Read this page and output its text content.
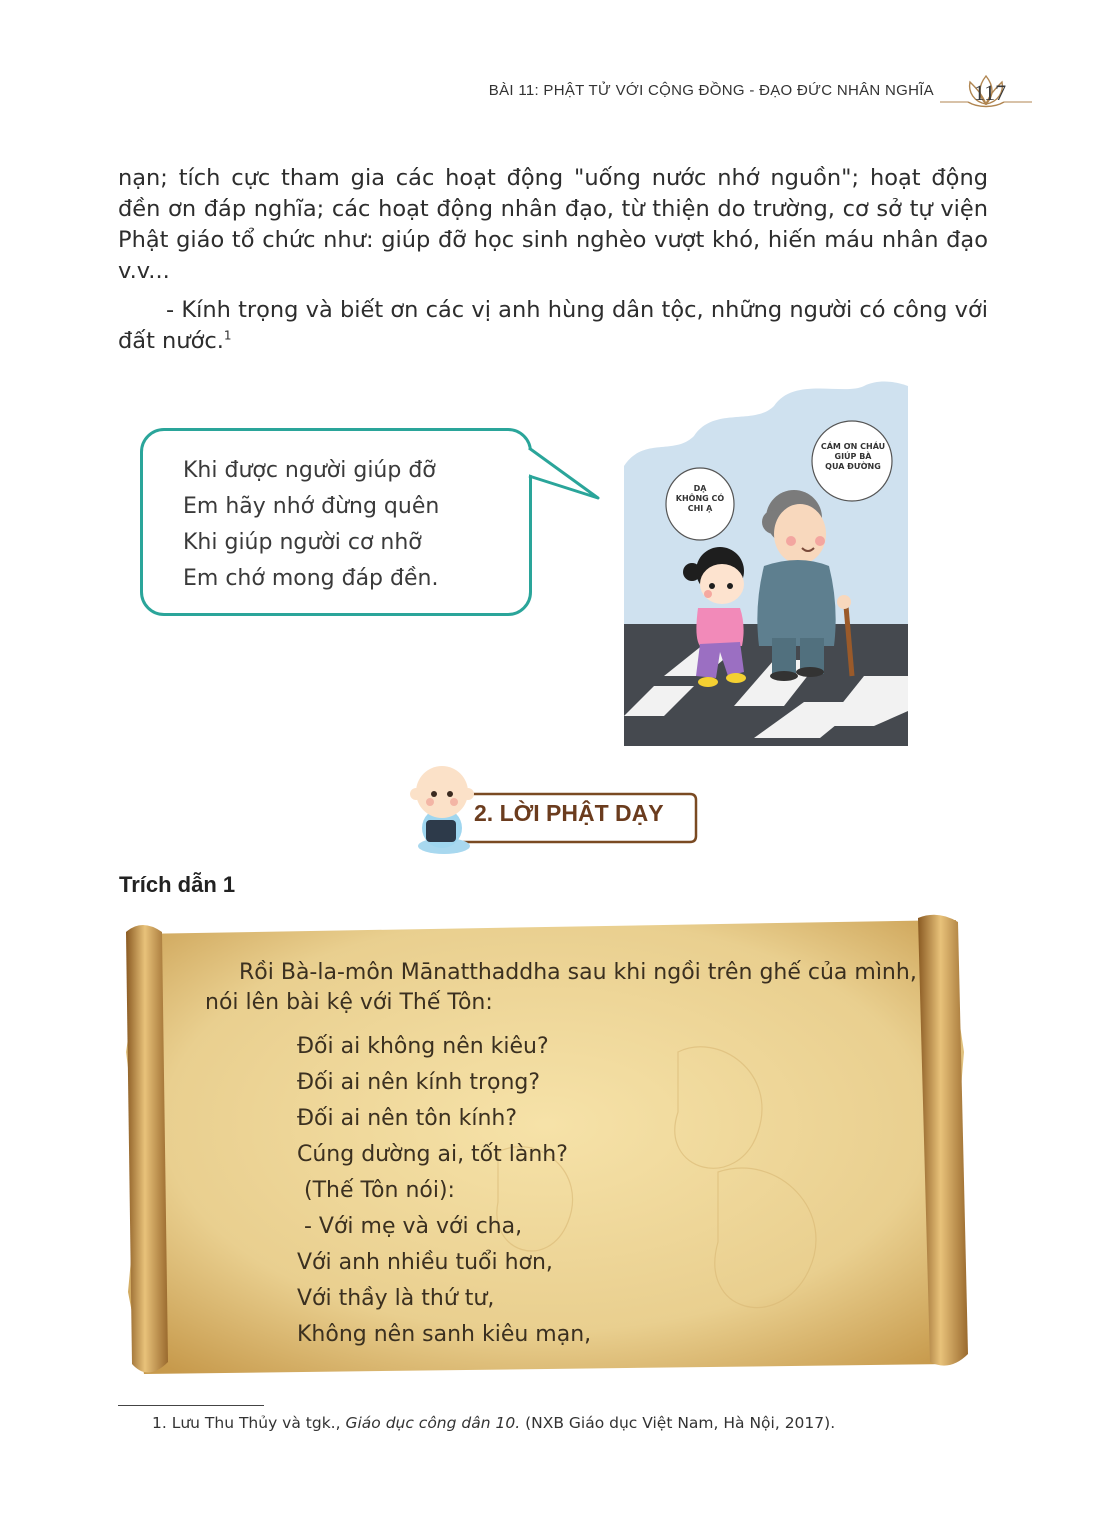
BÀI 11: PHẬT TỬ VỚI CỘNG ĐỒNG - ĐẠO ĐỨC NHÂN NGHĨA	117

nạn; tích cực tham gia các hoạt động "uống nước nhớ nguồn"; hoạt động đền ơn đáp nghĩa; các hoạt động nhân đạo, từ thiện do trường, cơ sở tự viện Phật giáo tổ chức như: giúp đỡ học sinh nghèo vượt khó, hiến máu nhân đạo v.v...

- Kính trọng và biết ơn các vị anh hùng dân tộc, những người có công với đất nước.$^1$

Khi được người giúp đỡ
Em hãy nhớ đừng quên
Khi giúp người cơ nhỡ
Em chớ mong đáp đền.
CÁM ƠN CHÁU
GIÚP BÀ
QUA ĐƯỜNG
DẠ
KHÔNG CÓ
CHI Ạ
2. LỜI PHẬT DẠY
Trích dẫn 1
Rồi Bà-la-môn Mānatthaddha sau khi ngồi trên ghế của mình, nói lên bài kệ với Thế Tôn:
Đối ai không nên kiêu?
Đối ai nên kính trọng?
Đối ai nên tôn kính?
Cúng dường ai, tốt lành?
(Thế Tôn nói):
- Với mẹ và với cha,
Với anh nhiều tuổi hơn,
Với thầy là thứ tư,
Không nên sanh kiêu mạn,
1. Lưu Thu Thủy và tgk., Giáo dục công dân 10. (NXB Giáo dục Việt Nam, Hà Nội, 2017).
